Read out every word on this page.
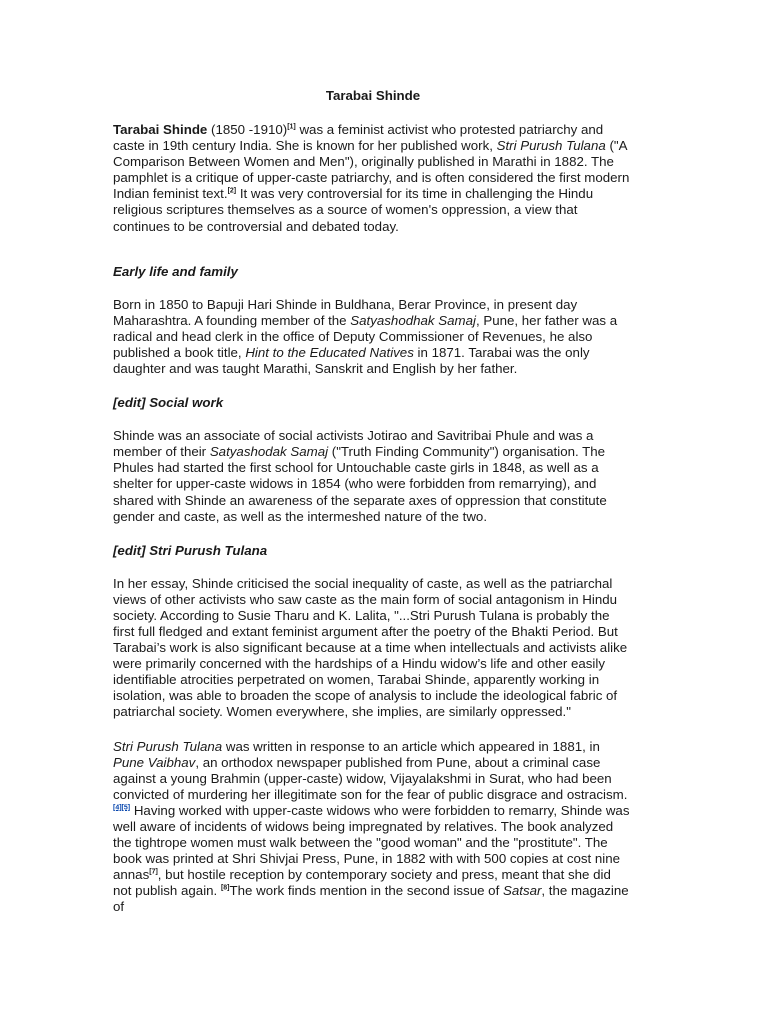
Tarabai Shinde

Tarabai Shinde (1850 -1910)[1] was a feminist activist who protested patriarchy and caste in 19th century India. She is known for her published work, Stri Purush Tulana ("A Comparison Between Women and Men"), originally published in Marathi in 1882. The pamphlet is a critique of upper-caste patriarchy, and is often considered the first modern Indian feminist text.[2] It was very controversial for its time in challenging the Hindu religious scriptures themselves as a source of women's oppression, a view that continues to be controversial and debated today.

Early life and family

Born in 1850 to Bapuji Hari Shinde in Buldhana, Berar Province, in present day Maharashtra. A founding member of the Satyashodhak Samaj, Pune, her father was a radical and head clerk in the office of Deputy Commissioner of Revenues, he also published a book title, Hint to the Educated Natives in 1871. Tarabai was the only daughter and was taught Marathi, Sanskrit and English by her father.

[edit] Social work

Shinde was an associate of social activists Jotirao and Savitribai Phule and was a member of their Satyashodak Samaj ("Truth Finding Community") organisation. The Phules had started the first school for Untouchable caste girls in 1848, as well as a shelter for upper-caste widows in 1854 (who were forbidden from remarrying), and shared with Shinde an awareness of the separate axes of oppression that constitute gender and caste, as well as the intermeshed nature of the two.

[edit] Stri Purush Tulana

In her essay, Shinde criticised the social inequality of caste, as well as the patriarchal views of other activists who saw caste as the main form of social antagonism in Hindu society. According to Susie Tharu and K. Lalita, "...Stri Purush Tulana is probably the first full fledged and extant feminist argument after the poetry of the Bhakti Period. But Tarabai’s work is also significant because at a time when intellectuals and activists alike were primarily concerned with the hardships of a Hindu widow’s life and other easily identifiable atrocities perpetrated on women, Tarabai Shinde, apparently working in isolation, was able to broaden the scope of analysis to include the ideological fabric of patriarchal society. Women everywhere, she implies, are similarly oppressed."

Stri Purush Tulana was written in response to an article which appeared in 1881, in Pune Vaibhav, an orthodox newspaper published from Pune, about a criminal case against a young Brahmin (upper-caste) widow, Vijayalakshmi in Surat, who had been convicted of murdering her illegitimate son for the fear of public disgrace and ostracism.
[4][5] Having worked with upper-caste widows who were forbidden to remarry, Shinde was well aware of incidents of widows being impregnated by relatives. The book analyzed the tightrope women must walk between the "good woman" and the "prostitute". The book was printed at Shri Shivjai Press, Pune, in 1882 with with 500 copies at cost nine annas[7], but hostile reception by contemporary society and press, meant that she did not publish again. [8]The work finds mention in the second issue of Satsar, the magazine of
